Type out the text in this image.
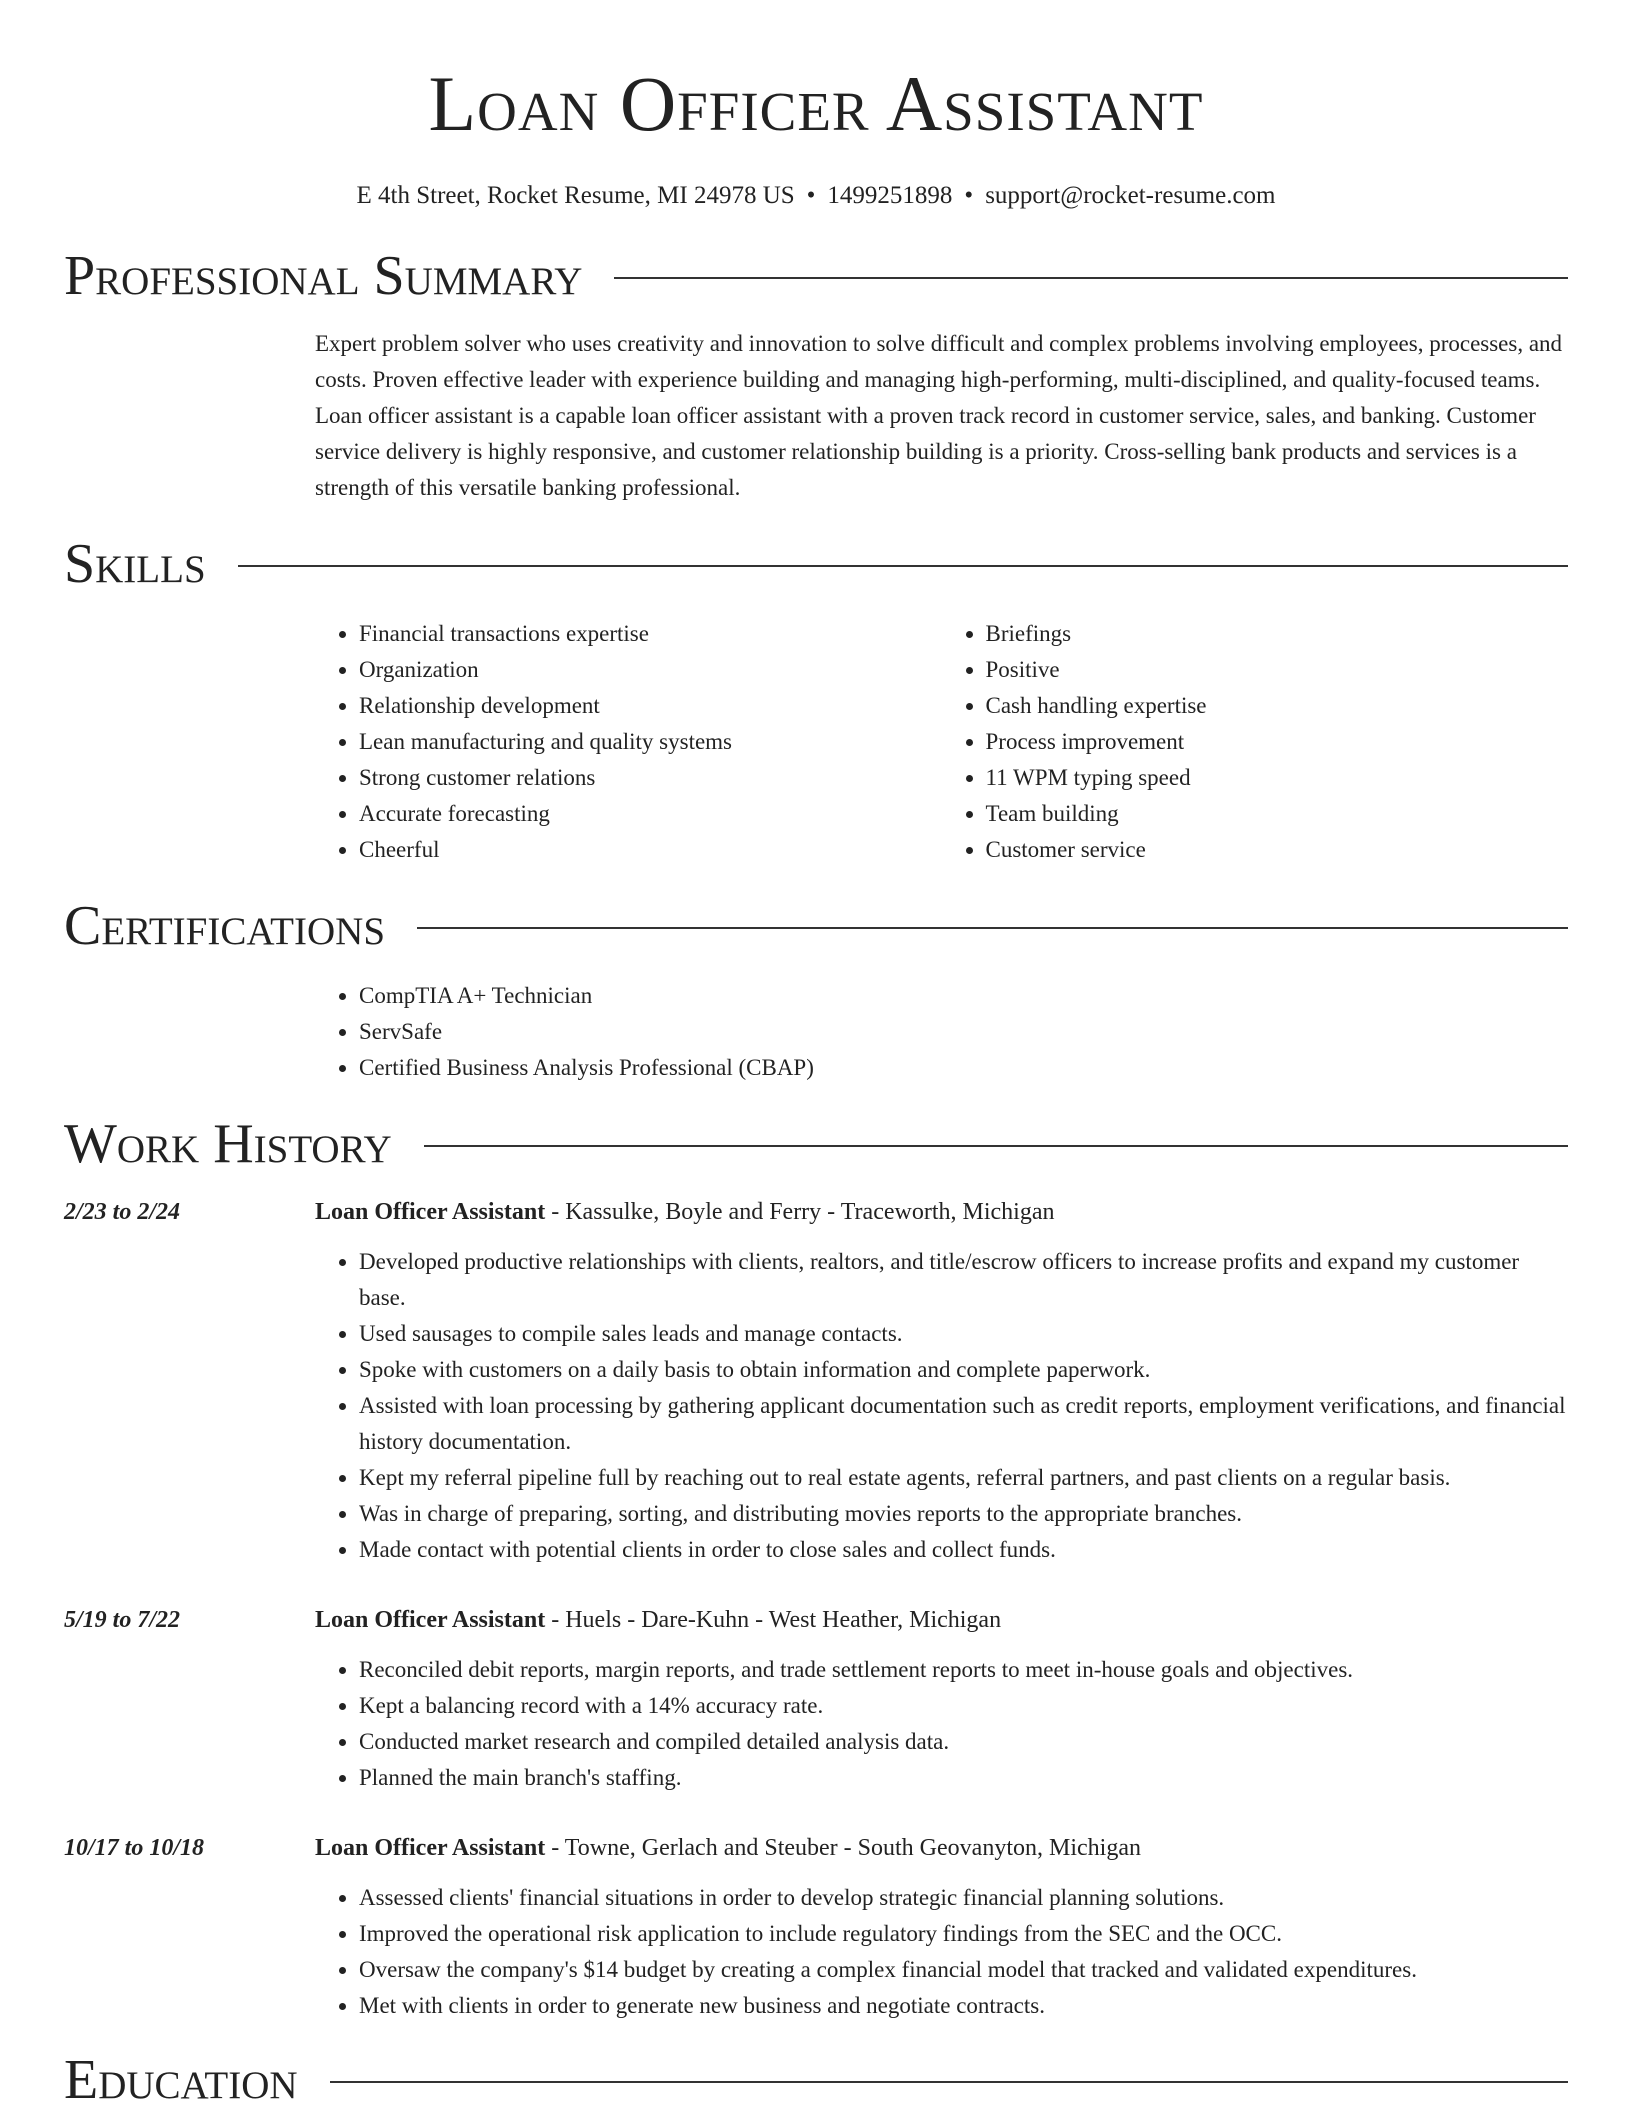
Loan Officer Assistant
E 4th Street, Rocket Resume, MI 24978 US • 1499251898 • support@rocket-resume.com
Professional Summary

Expert problem solver who uses creativity and innovation to solve difficult and complex problems involving employees, processes, and costs. Proven effective leader with experience building and managing high-performing, multi-disciplined, and quality-focused teams. Loan officer assistant is a capable loan officer assistant with a proven track record in customer service, sales, and banking. Customer service delivery is highly responsive, and customer relationship building is a priority. Cross-selling bank products and services is a strength of this versatile banking professional.

Skills
• Financial transactions expertise
• Organization
• Relationship development
• Lean manufacturing and quality systems
• Strong customer relations
• Accurate forecasting
• Cheerful
• Briefings
• Positive
• Cash handling expertise
• Process improvement
• 11 WPM typing speed
• Team building
• Customer service
Certifications
• CompTIA A+ Technician
• ServSafe
• Certified Business Analysis Professional (CBAP)
Work History
2/23 to 2/24	Loan Officer Assistant - Kassulke, Boyle and Ferry - Traceworth, Michigan
• Developed productive relationships with clients, realtors, and title/escrow officers to increase profits and expand my customer base.
• Used sausages to compile sales leads and manage contacts.
• Spoke with customers on a daily basis to obtain information and complete paperwork.
• Assisted with loan processing by gathering applicant documentation such as credit reports, employment verifications, and financial history documentation.
• Kept my referral pipeline full by reaching out to real estate agents, referral partners, and past clients on a regular basis.
• Was in charge of preparing, sorting, and distributing movies reports to the appropriate branches.
• Made contact with potential clients in order to close sales and collect funds.
5/19 to 7/22	Loan Officer Assistant - Huels - Dare-Kuhn - West Heather, Michigan
• Reconciled debit reports, margin reports, and trade settlement reports to meet in-house goals and objectives.
• Kept a balancing record with a 14% accuracy rate.
• Conducted market research and compiled detailed analysis data.
• Planned the main branch's staffing.
10/17 to 10/18	Loan Officer Assistant - Towne, Gerlach and Steuber - South Geovanyton, Michigan
• Assessed clients' financial situations in order to develop strategic financial planning solutions.
• Improved the operational risk application to include regulatory findings from the SEC and the OCC.
• Oversaw the company's $14 budget by creating a complex financial model that tracked and validated expenditures.
• Met with clients in order to generate new business and negotiate contracts.
Education
